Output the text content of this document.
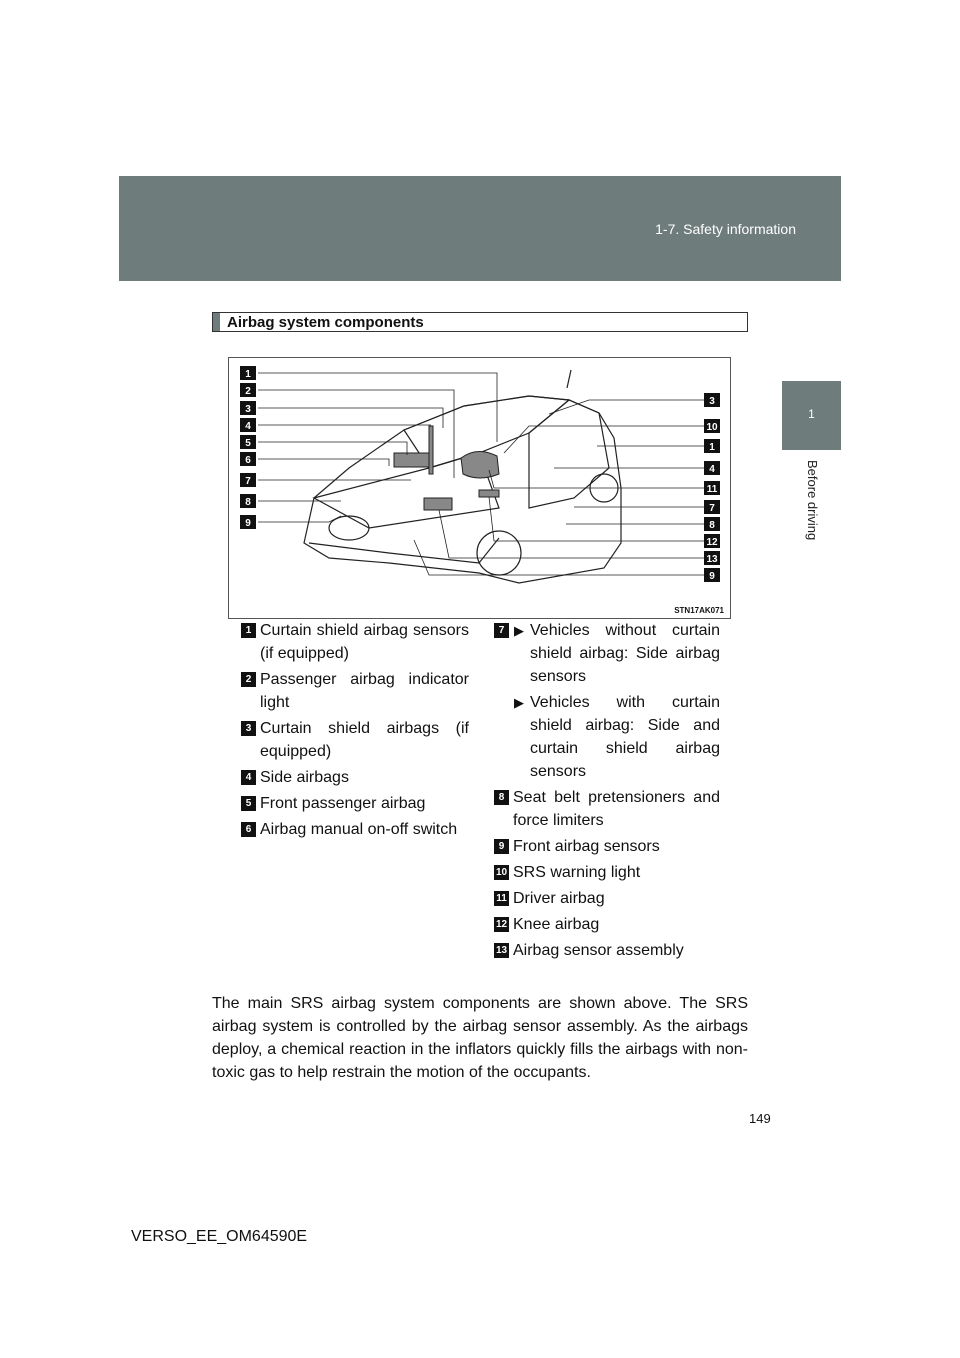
1-7. Safety information
1
Before driving
Airbag system components
1
2
3
4
5
6
7
8
9
3
10
1
4
11
7
8
12
13
9
STN17AK071
1 Curtain shield airbag sensors (if equipped)
2 Passenger airbag indicator light
3 Curtain shield airbags (if equipped)
4 Side airbags
5 Front passenger airbag
6 Airbag manual on-off switch
7 ▶ Vehicles without curtain shield airbag: Side airbag sensors
▶ Vehicles with curtain shield airbag: Side and curtain shield airbag sensors
8 Seat belt pretensioners and force limiters
9 Front airbag sensors
10 SRS warning light
11 Driver airbag
12 Knee airbag
13 Airbag sensor assembly
The main SRS airbag system components are shown above. The SRS airbag system is controlled by the airbag sensor assembly. As the airbags deploy, a chemical reaction in the inflators quickly fills the airbags with non-toxic gas to help restrain the motion of the occupants.
149
VERSO_EE_OM64590E
